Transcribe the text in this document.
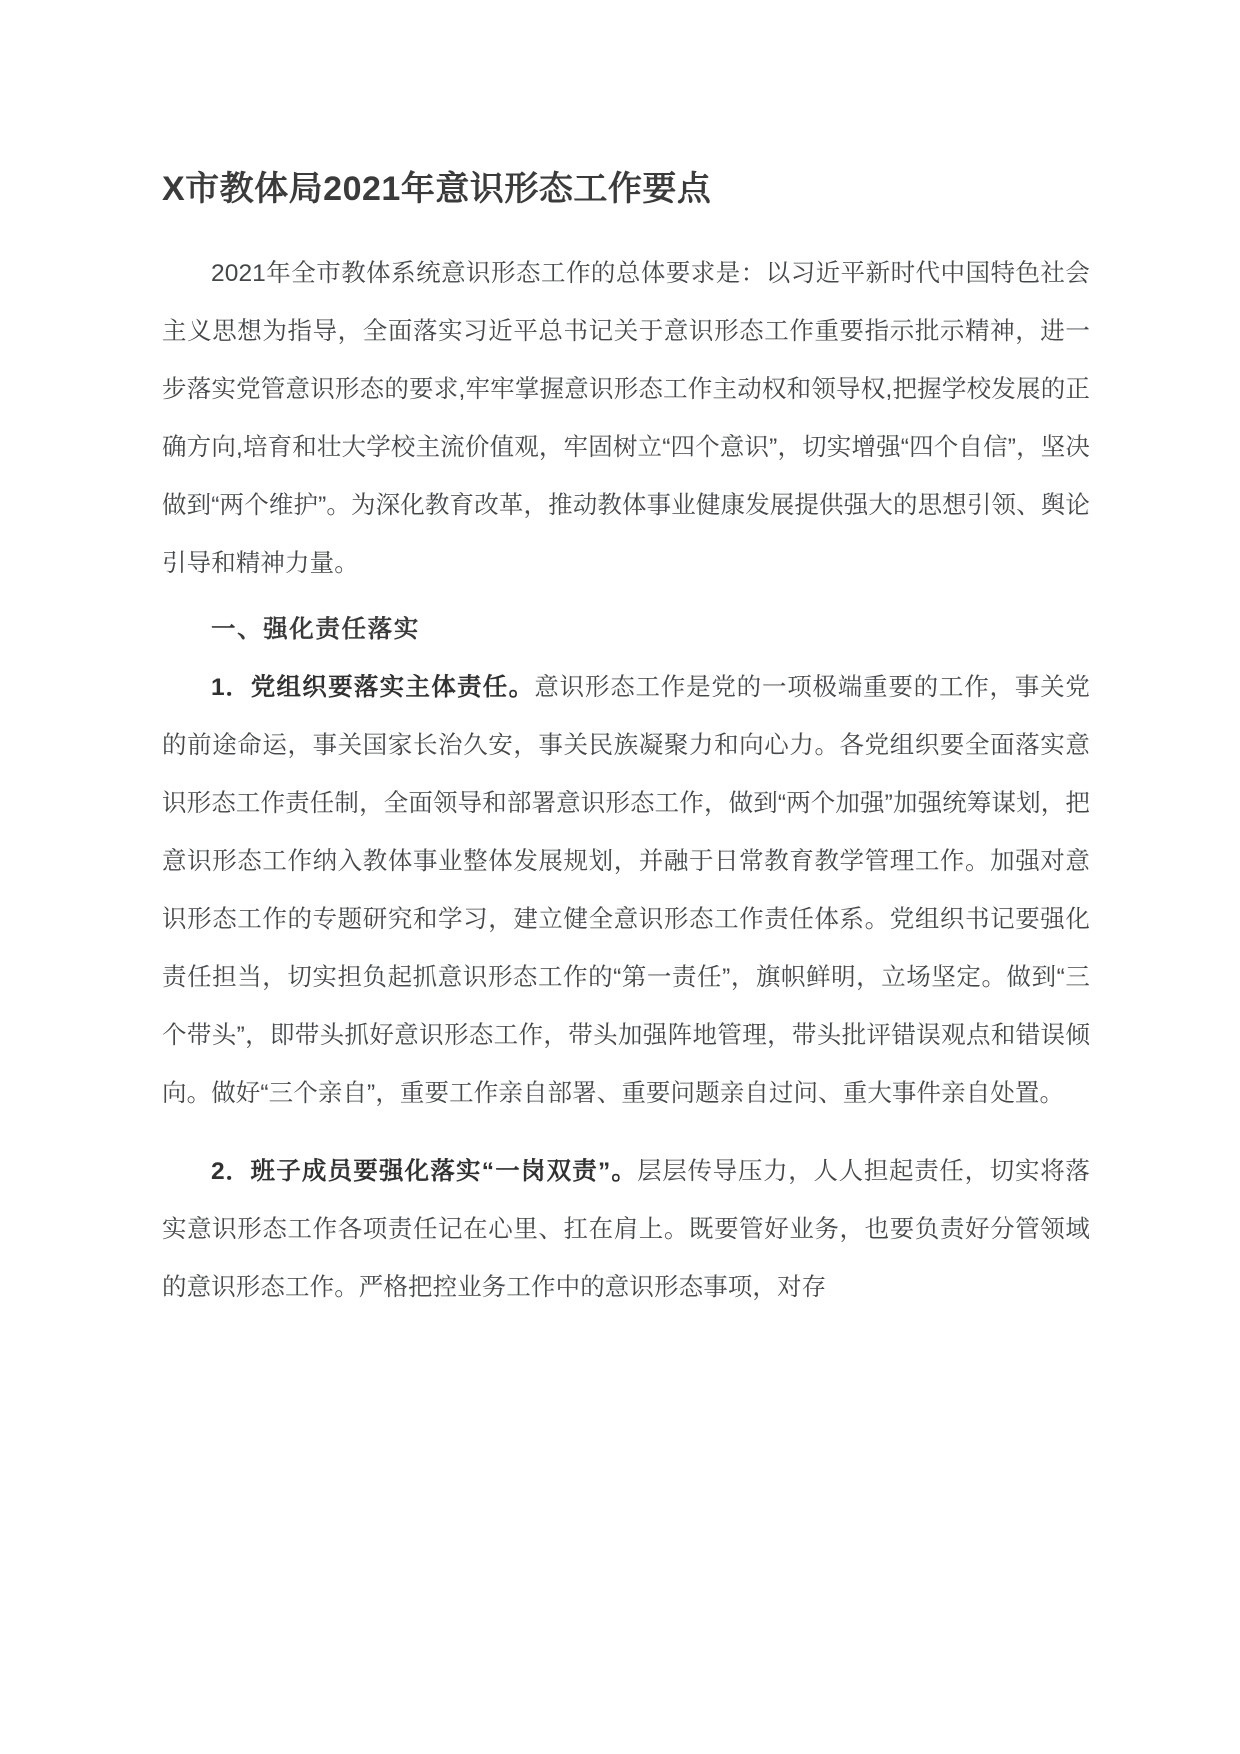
X市教体局2021年意识形态工作要点

2021年全市教体系统意识形态工作的总体要求是：以习近平新时代中国特色社会主义思想为指导，全面落实习近平总书记关于意识形态工作重要指示批示精神，进一步落实党管意识形态的要求,牢牢掌握意识形态工作主动权和领导权,把握学校发展的正确方向,培育和壮大学校主流价值观，牢固树立“四个意识”，切实增强“四个自信”，坚决做到“两个维护”。为深化教育改革，推动教体事业健康发展提供强大的思想引领、舆论引导和精神力量。

一、强化责任落实

1．党组织要落实主体责任。意识形态工作是党的一项极端重要的工作，事关党的前途命运，事关国家长治久安，事关民族凝聚力和向心力。各党组织要全面落实意识形态工作责任制，全面领导和部署意识形态工作，做到“两个加强”加强统筹谋划，把意识形态工作纳入教体事业整体发展规划，并融于日常教育教学管理工作。加强对意识形态工作的专题研究和学习，建立健全意识形态工作责任体系。党组织书记要强化责任担当，切实担负起抓意识形态工作的“第一责任”，旗帜鲜明，立场坚定。做到“三个带头”，即带头抓好意识形态工作，带头加强阵地管理，带头批评错误观点和错误倾向。做好“三个亲自”，重要工作亲自部署、重要问题亲自过问、重大事件亲自处置。

2．班子成员要强化落实“一岗双责”。层层传导压力，人人担起责任，切实将落实意识形态工作各项责任记在心里、扛在肩上。既要管好业务，也要负责好分管领域的意识形态工作。严格把控业务工作中的意识形态事项，对存
